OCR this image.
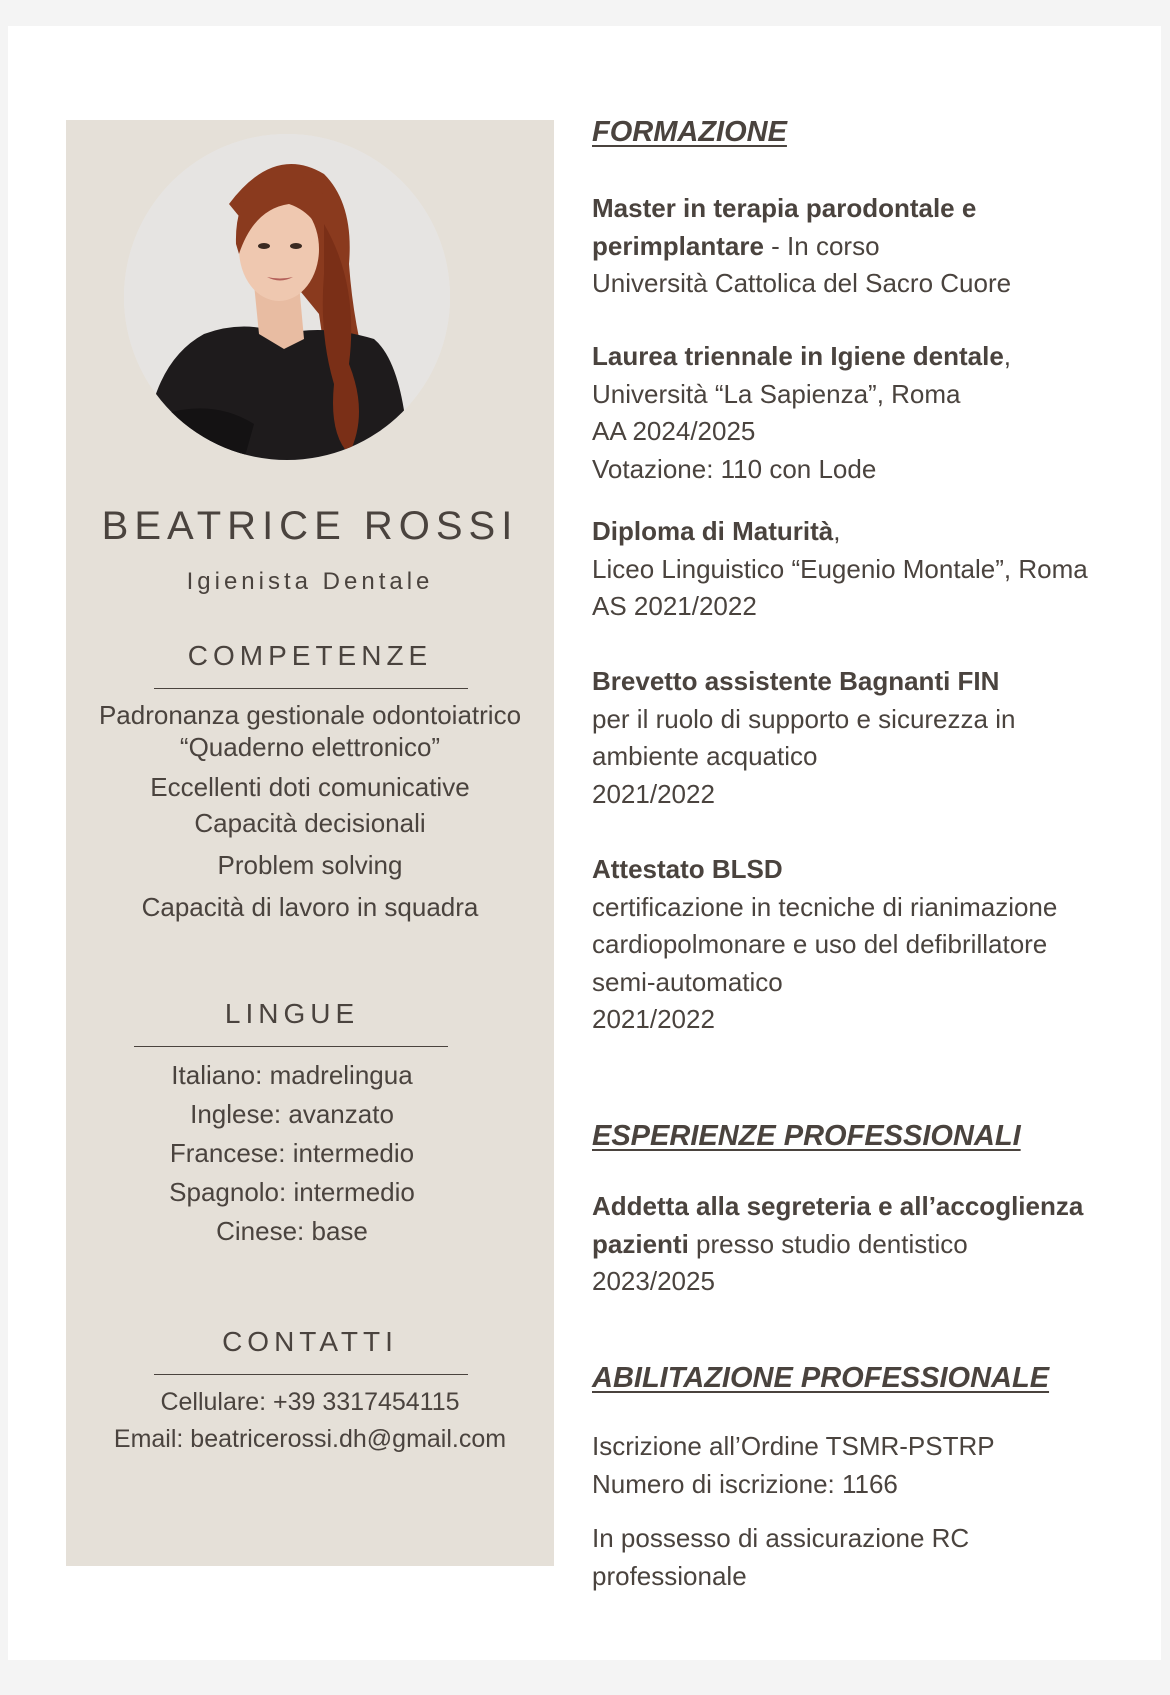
BEATRICE ROSSI
Igienista Dentale
COMPETENZE
Padronanza gestionale odontoiatrico
“Quaderno elettronico”
Eccellenti doti comunicative
Capacità decisionali
Problem solving
Capacità di lavoro in squadra
LINGUE
Italiano: madrelingua
Inglese: avanzato
Francese: intermedio
Spagnolo: intermedio
Cinese: base
CONTATTI
Cellulare: +39 3317454115
Email: beatricerossi.dh@gmail.com
FORMAZIONE
Master in terapia parodontale e
perimplantare - In corso
Università Cattolica del Sacro Cuore
Laurea triennale in Igiene dentale,
Università “La Sapienza”, Roma
AA 2024/2025
Votazione: 110 con Lode
Diploma di Maturità,
Liceo Linguistico “Eugenio Montale”, Roma
AS 2021/2022
Brevetto assistente Bagnanti FIN
per il ruolo di supporto e sicurezza in
ambiente acquatico
2021/2022
Attestato BLSD
certificazione in tecniche di rianimazione
cardiopolmonare e uso del defibrillatore
semi-automatico
2021/2022
ESPERIENZE PROFESSIONALI
Addetta alla segreteria e all’accoglienza
pazienti presso studio dentistico
2023/2025
ABILITAZIONE PROFESSIONALE
Iscrizione all’Ordine TSMR-PSTRP
Numero di iscrizione: 1166
In possesso di assicurazione RC
professionale
